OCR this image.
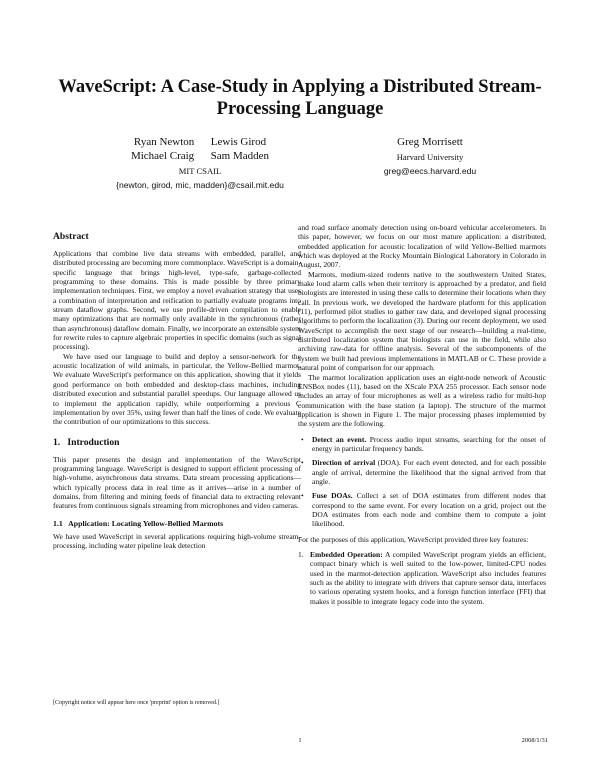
WaveScript: A Case-Study in Applying a Distributed Stream-Processing Language
Ryan Newton      Lewis Girod
Michael Craig      Sam Madden
MIT CSAIL
{newton, girod, mic, madden}@csail.mit.edu
Greg Morrisett
Harvard University
greg@eecs.harvard.edu
Abstract

Applications that combine live data streams with embedded, parallel, and distributed processing are becoming more commonplace. WaveScript is a domain-specific language that brings high-level, type-safe, garbage-collected programming to these domains. This is made possible by three primary implementation techniques. First, we employ a novel evaluation strategy that uses a combination of interpretation and reification to partially evaluate programs into stream dataflow graphs. Second, we use profile-driven compilation to enable many optimizations that are normally only available in the synchronous (rather than asynchronous) dataflow domain. Finally, we incorporate an extensible system for rewrite rules to capture algebraic properties in specific domains (such as signal processing).

We have used our language to build and deploy a sensor-network for the acoustic localization of wild animals, in particular, the Yellow-Bellied marmot. We evaluate WaveScript's performance on this application, showing that it yields good performance on both embedded and desktop-class machines, including distributed execution and substantial parallel speedups. Our language allowed us to implement the application rapidly, while outperforming a previous C implementation by over 35%, using fewer than half the lines of code. We evaluate the contribution of our optimizations to this success.

1.   Introduction

This paper presents the design and implementation of the WaveScript programming language. WaveScript is designed to support efficient processing of high-volume, asynchronous data streams. Data stream processing applications—which typically process data in real time as it arrives—arise in a number of domains, from filtering and mining feeds of financial data to extracting relevant features from continuous signals streaming from microphones and video cameras.

1.1   Application: Locating Yellow-Bellied Marmots

We have used WaveScript in several applications requiring high-volume stream-processing, including water pipeline leak detection

and road surface anomaly detection using on-board vehicular accelerometers. In this paper, however, we focus on our most mature application: a distributed, embedded application for acoustic localization of wild Yellow-Bellied marmots which was deployed at the Rocky Mountain Biological Laboratory in Colorado in August, 2007.

Marmots, medium-sized rodents native to the southwestern United States, make loud alarm calls when their territory is approached by a predator, and field biologists are interested in using these calls to determine their locations when they call. In previous work, we developed the hardware platform for this application (11), performed pilot studies to gather raw data, and developed signal processing algorithms to perform the localization (3). During our recent deployment, we used WaveScript to accomplish the next stage of our research—building a real-time, distributed localization system that biologists can use in the field, while also archiving raw-data for offline analysis. Several of the subcomponents of the system we built had previous implementations in MATLAB or C. These provide a natural point of comparison for our approach.

The marmot localization application uses an eight-node network of Acoustic ENSBox nodes (11), based on the XScale PXA 255 processor. Each sensor node includes an array of four microphones as well as a wireless radio for multi-hop communication with the base station (a laptop). The structure of the marmot application is shown in Figure 1. The major processing phases implemented by the system are the following.

• Detect an event. Process audio input streams, searching for the onset of energy in particular frequency bands.
• Direction of arrival (DOA). For each event detected, and for each possible angle of arrival, determine the likelihood that the signal arrived from that angle.
• Fuse DOAs. Collect a set of DOA estimates from different nodes that correspond to the same event. For every location on a grid, project out the DOA estimates from each node and combine them to compute a joint likelihood.

For the purposes of this application, WaveScript provided three key features:

1. Embedded Operation: A compiled WaveScript program yields an efficient, compact binary which is well suited to the low-power, limited-CPU nodes used in the marmot-detection application. WaveScript also includes features such as the ability to integrate with drivers that capture sensor data, interfaces to various operating system hooks, and a foreign function interface (FFI) that makes it possible to integrate legacy code into the system.
[Copyright notice will appear here once 'preprint' option is removed.]
1	2008/1/31
